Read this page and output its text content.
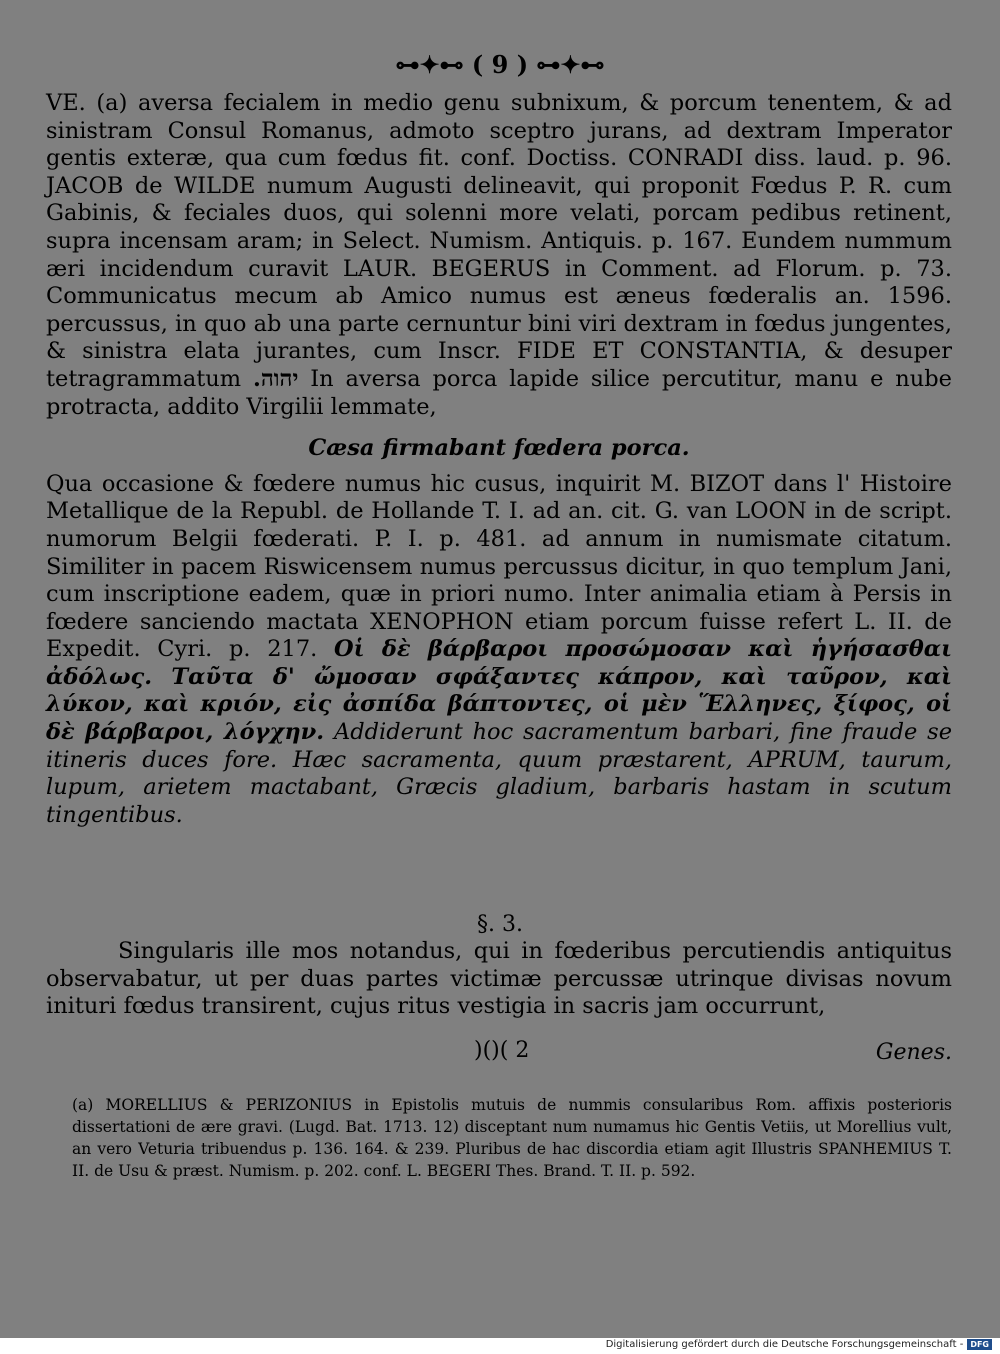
⊶✦⊷ ( 9 ) ⊶✦⊷

VE. (a) aversa fecialem in medio genu subnixum, & porcum tenentem, & ad sinistram Consul Romanus, admoto sceptro jurans, ad dextram Imperator gentis exteræ, qua cum fœdus fit. conf. Doctiss. CONRADI diss. laud. p. 96. JACOB de WILDE numum Augusti delineavit, qui proponit Fœdus P. R. cum Gabinis, & feciales duos, qui solenni more velati, porcam pedibus retinent, supra incensam aram; in Select. Numism. Antiquis. p. 167. Eundem nummum æri incidendum curavit LAUR. BEGERUS in Comment. ad Florum. p. 73. Communicatus mecum ab Amico numus est æneus fœderalis an. 1596. percussus, in quo ab una parte cernuntur bini viri dextram in fœdus jungentes, & sinistra elata jurantes, cum Inscr. FIDE ET CONSTANTIA, & desuper tetragrammatum יהוה. In aversa porca lapide silice percutitur, manu e nube protracta, addito Virgilii lemmate,

Cæsa firmabant fœdera porca.

Qua occasione & fœdere numus hic cusus, inquirit M. BIZOT dans l' Histoire Metallique de la Republ. de Hollande T. I. ad an. cit. G. van LOON in de script. numorum Belgii fœderati. P. I. p. 481. ad annum in numismate citatum. Similiter in pacem Riswicensem numus percussus dicitur, in quo templum Jani, cum inscriptione eadem, quæ in priori numo. Inter animalia etiam à Persis in fœdere sanciendo mactata XENOPHON etiam porcum fuisse refert L. II. de Expedit. Cyri. p. 217. Οἱ δὲ βάρβαροι προσώμοσαν καὶ ἡγήσασθαι ἀδόλως. Ταῦτα δ' ὤμοσαν σφάξαντες κάπρον, καὶ ταῦρον, καὶ λύκον, καὶ κριόν, εἰς ἀσπίδα βάπτοντες, οἱ μὲν Ἕλληνες, ξίφος, οἱ δὲ βάρβαροι, λόγχην. Addiderunt hoc sacramentum barbari, fine fraude se itineris duces fore. Hæc sacramenta, quum præstarent, APRUM, taurum, lupum, arietem mactabant, Græcis gladium, barbaris hastam in scutum tingentibus.

§. 3.

Singularis ille mos notandus, qui in fœderibus percutiendis antiquitus observabatur, ut per duas partes victimæ percussæ utrinque divisas novum inituri fœdus transirent, cujus ritus vestigia in sacris jam occurrunt,

)()( 2	Genes.

(a) MORELLIUS & PERIZONIUS in Epistolis mutuis de nummis consularibus Rom. affixis posterioris dissertationi de ære gravi. (Lugd. Bat. 1713. 12) disceptant num numamus hic Gentis Vetiis, ut Morellius vult, an vero Veturia tribuendus p. 136. 164. & 239. Pluribus de hac discordia etiam agit Illustris SPANHEMIUS T. II. de Usu & præst. Numism. p. 202. conf. L. BEGERI Thes. Brand. T. II. p. 592.

Digitalisierung gefördert durch die Deutsche Forschungsgemeinschaft - DFG
